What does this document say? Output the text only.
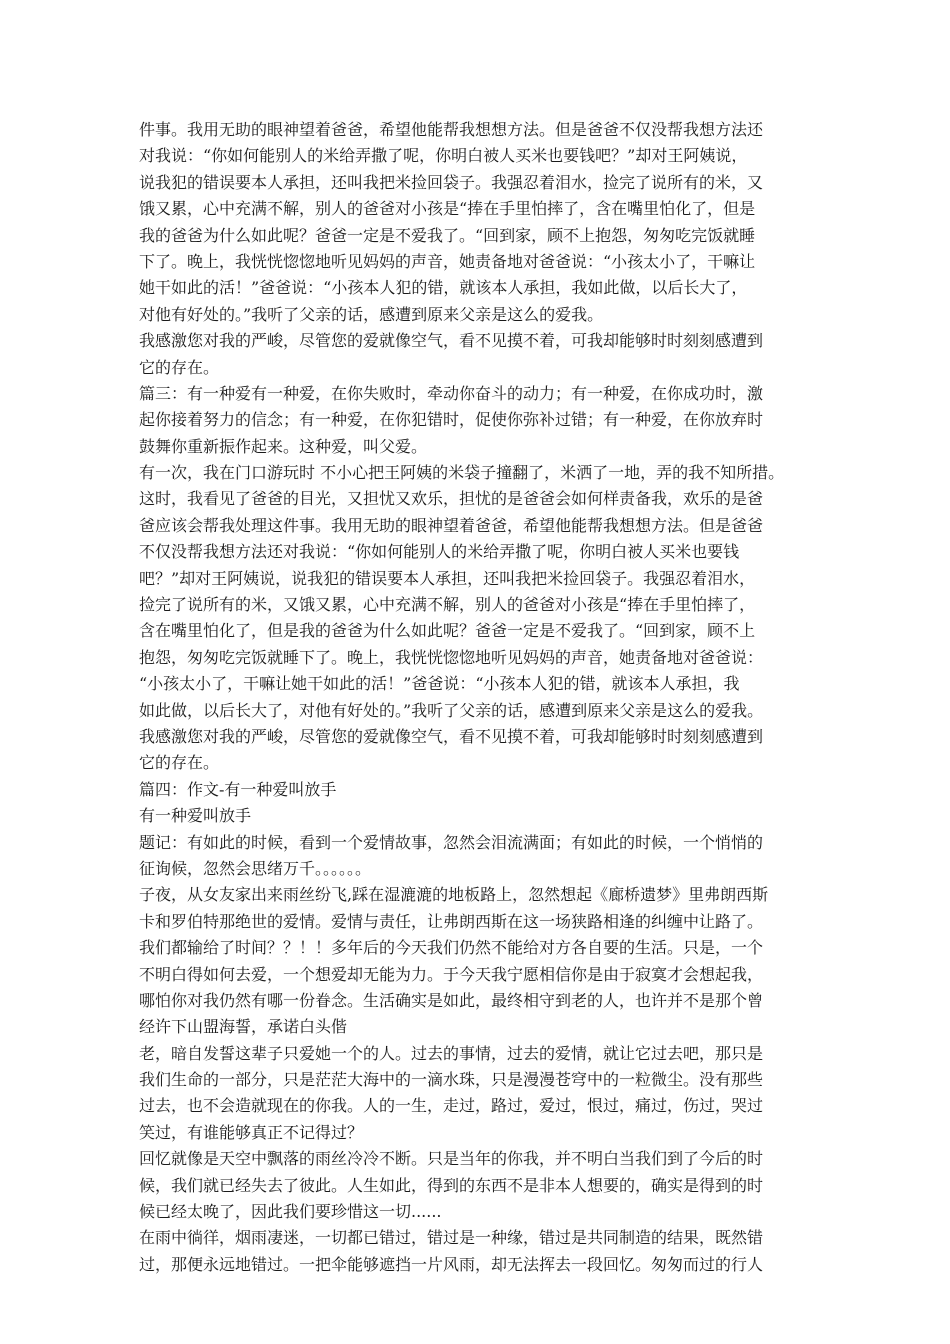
件事。我用无助的眼神望着爸爸，希望他能帮我想想方法。但是爸爸不仅没帮我想方法还
对我说：“你如何能别人的米给弄撒了呢，你明白被人买米也要钱吧？”却对王阿姨说，
说我犯的错误要本人承担，还叫我把米捡回袋子。我强忍着泪水，捡完了说所有的米，又
饿又累，心中充满不解，别人的爸爸对小孩是“捧在手里怕摔了，含在嘴里怕化了，但是
我的爸爸为什么如此呢？爸爸一定是不爱我了。“回到家，顾不上抱怨，匆匆吃完饭就睡
下了。晚上，我恍恍惚惚地听见妈妈的声音，她责备地对爸爸说：“小孩太小了，干嘛让
她干如此的活！”爸爸说：“小孩本人犯的错，就该本人承担，我如此做，以后长大了，
对他有好处的。”我听了父亲的话，感遭到原来父亲是这么的爱我。
我感激您对我的严峻，尽管您的爱就像空气，看不见摸不着，可我却能够时时刻刻感遭到
它的存在。
篇三：有一种爱有一种爱，在你失败时，牵动你奋斗的动力；有一种爱，在你成功时，激
起你接着努力的信念；有一种爱，在你犯错时，促使你弥补过错；有一种爱，在你放弃时
鼓舞你重新振作起来。这种爱，叫父爱。
有一次，我在门口游玩时 不小心把王阿姨的米袋子撞翻了，米洒了一地，弄的我不知所措。
这时，我看见了爸爸的目光，又担忧又欢乐，担忧的是爸爸会如何样责备我，欢乐的是爸
爸应该会帮我处理这件事。我用无助的眼神望着爸爸，希望他能帮我想想方法。但是爸爸
不仅没帮我想方法还对我说：“你如何能别人的米给弄撒了呢，你明白被人买米也要钱
吧？”却对王阿姨说，说我犯的错误要本人承担，还叫我把米捡回袋子。我强忍着泪水，
捡完了说所有的米，又饿又累，心中充满不解，别人的爸爸对小孩是“捧在手里怕摔了，
含在嘴里怕化了，但是我的爸爸为什么如此呢？爸爸一定是不爱我了。“回到家，顾不上
抱怨，匆匆吃完饭就睡下了。晚上，我恍恍惚惚地听见妈妈的声音，她责备地对爸爸说：
“小孩太小了，干嘛让她干如此的活！”爸爸说：“小孩本人犯的错，就该本人承担，我
如此做，以后长大了，对他有好处的。”我听了父亲的话，感遭到原来父亲是这么的爱我。
我感激您对我的严峻，尽管您的爱就像空气，看不见摸不着，可我却能够时时刻刻感遭到
它的存在。
篇四：作文-有一种爱叫放手
有一种爱叫放手
题记：有如此的时候，看到一个爱情故事，忽然会泪流满面；有如此的时候，一个悄悄的
征询候，忽然会思绪万千。。。。。。
子夜，从女友家出来雨丝纷飞,踩在湿漉漉的地板路上，忽然想起《廊桥遗梦》里弗朗西斯
卡和罗伯特那绝世的爱情。爱情与责任，让弗朗西斯在这一场狭路相逢的纠缠中让路了。
我们都输给了时间？？！！多年后的今天我们仍然不能给对方各自要的生活。只是，一个
不明白得如何去爱，一个想爱却无能为力。于今天我宁愿相信你是由于寂寞才会想起我，
哪怕你对我仍然有哪一份眷念。生活确实是如此，最终相守到老的人，也许并不是那个曾
经许下山盟海誓，承诺白头偕
老，暗自发誓这辈子只爱她一个的人。过去的事情，过去的爱情，就让它过去吧，那只是
我们生命的一部分，只是茫茫大海中的一滴水珠，只是漫漫苍穹中的一粒微尘。没有那些
过去，也不会造就现在的你我。人的一生，走过，路过，爱过，恨过，痛过，伤过，哭过
笑过，有谁能够真正不记得过？
回忆就像是天空中飘落的雨丝冷冷不断。只是当年的你我，并不明白当我们到了今后的时
候，我们就已经失去了彼此。人生如此，得到的东西不是非本人想要的，确实是得到的时
候已经太晚了，因此我们要珍惜这一切......
在雨中徜徉，烟雨凄迷，一切都已错过，错过是一种缘，错过是共同制造的结果，既然错
过，那便永远地错过。一把伞能够遮挡一片风雨，却无法挥去一段回忆。匆匆而过的行人
